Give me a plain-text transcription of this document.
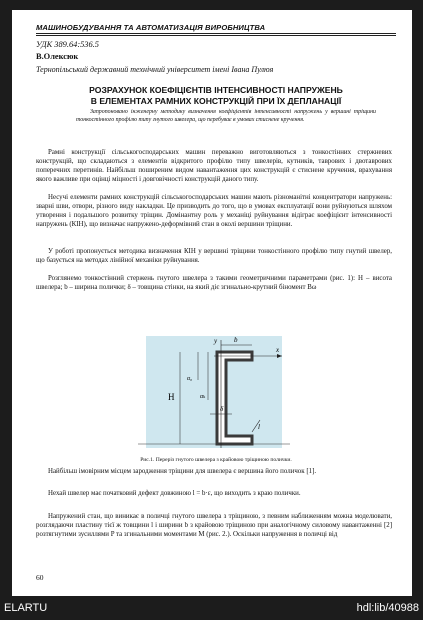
МАШИНОБУДУВАННЯ ТА АВТОМАТИЗАЦІЯ ВИРОБНИЦТВА
УДК 389.64:536.5
В.Олексюк
Тернопільський державний технічний університет імені Івана Пулюя
РОЗРАХУНОК КОЕФІЦІЄНТІВ ІНТЕНСИВНОСТІ НАПРУЖЕНЬ
В ЕЛЕМЕНТАХ РАМНИХ КОНСТРУКЦІЙ ПРИ ЇХ ДЕПЛАНАЦІЇ
Запропоновано інженерну методику визначення коефіцієнтів інтенсивності напружень у вершині тріщини тонкостінного профілю типу гнутого швелера, що перебуває в умовах стиснене кручення.
Рамні конструкції сільськогосподарських машин переважно виготовляються з тонкостінних стержневих конструкцій, що складаються з елементів відкритого профілю типу швелерів, кутників, таврових і двотаврових поперечних перетинів. Найбільш поширеним видом навантаження цих конструкцій є стиснене кручення, врахування якого важливе при оцінці міцності і довговічності конструкцій даного типу.
Несучі елементи рамних конструкцій сільськогосподарських машин мають різноманітні концентратори напружень: зварні шви, отвори, різного виду накладки. Це призводить до того, що в умовах експлуатації вони руйнуються шляхом утворення і подальшого розвитку тріщин. Домінантну роль у механіці руйнування відіграє коефіцієнт інтенсивності напружень (КІН), що визначає напружено-деформівний стан в околі вершини тріщини.
У роботі пропонується методика визначення КІН у вершині тріщини тонкостінного профілю типу гнутий швелер, що базується на методах лінійної механіки руйнування.
Розглянемо тонкостінний стержень гнутого швелера з такими геометричними параметрами (рис. 1): H – висота швелера; b – ширина полички; δ – товщина стінки, на який діє згинально-крутний біномент Bω
y b
x
H
α₀
αₖ
δ
l
Рис.1. Переріз гнутого швелера з крайовою тріщиною полички.
Найбільш імовірним місцем зародження тріщини для швелера є вершина його поличок [1].
Нехай швелер має початковий дефект довжиною l = b·ε, що виходить з краю полички.
Напружений стан, що виникає в поличці гнутого швелера з тріщиною, з певним наближенням можна моделювати, розглядаючи пластину тієї ж товщини l і ширини b з крайовою тріщиною при аналогічному силовому навантаженні [2] розтягнутими зусиллями P та згинальними моментами M (рис. 2.). Оскільки напруження в поличці від
60
ELARTU	hdl:lib/40988
